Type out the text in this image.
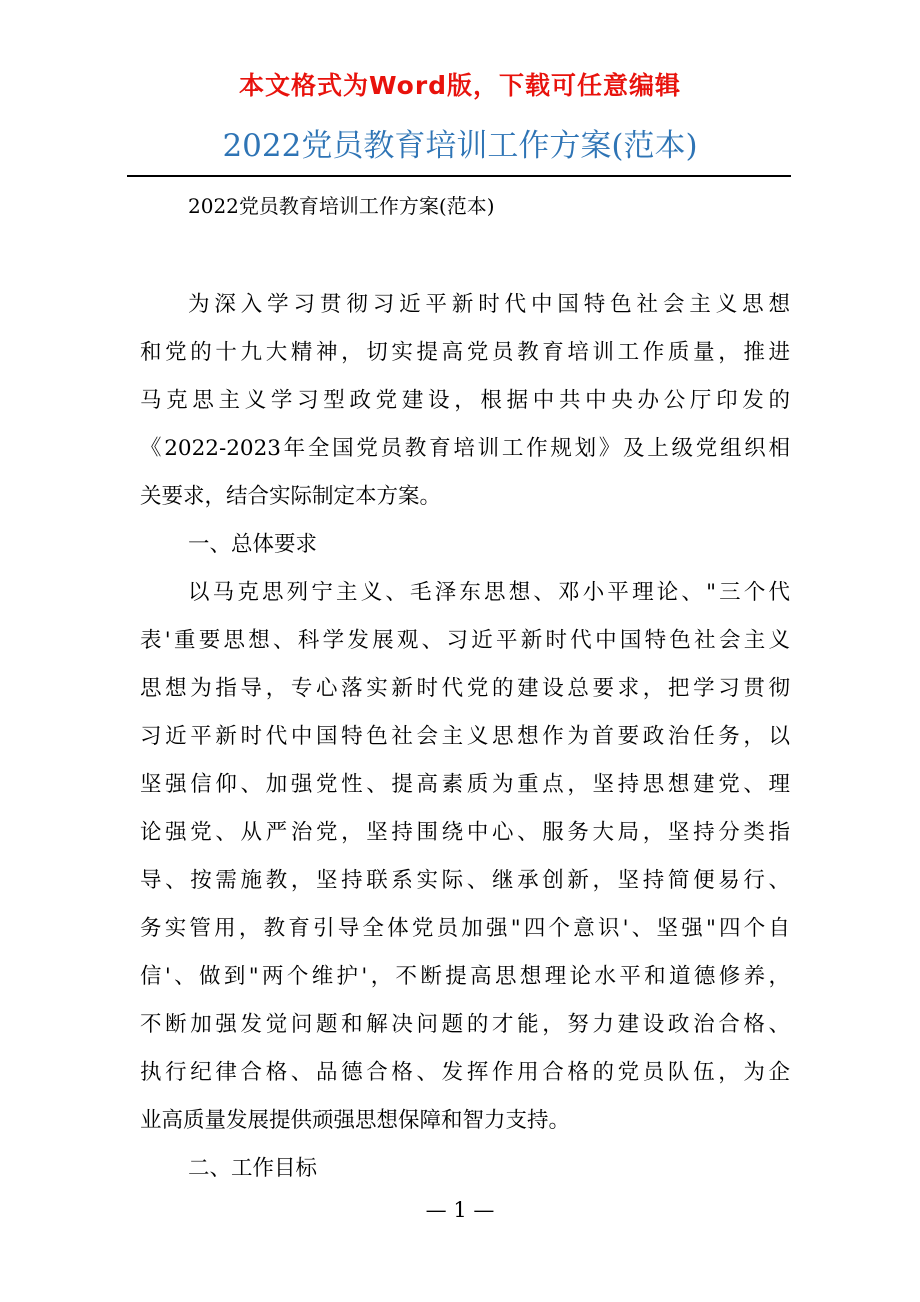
本文格式为Word版，下载可任意编辑
2022党员教育培训工作方案(范本)
2022党员教育培训工作方案(范本)
为深入学习贯彻习近平新时代中国特色社会主义思想
和党的十九大精神，切实提高党员教育培训工作质量，推进
马克思主义学习型政党建设，根据中共中央办公厅印发的
《2022-2023年全国党员教育培训工作规划》及上级党组织相
关要求，结合实际制定本方案。
一、总体要求
以马克思列宁主义、毛泽东思想、邓小平理论、"三个代
表'重要思想、科学发展观、习近平新时代中国特色社会主义
思想为指导，专心落实新时代党的建设总要求，把学习贯彻
习近平新时代中国特色社会主义思想作为首要政治任务，以
坚强信仰、加强党性、提高素质为重点，坚持思想建党、理
论强党、从严治党，坚持围绕中心、服务大局，坚持分类指
导、按需施教，坚持联系实际、继承创新，坚持简便易行、
务实管用，教育引导全体党员加强"四个意识'、坚强"四个自
信'、做到"两个维护'，不断提高思想理论水平和道德修养，
不断加强发觉问题和解决问题的才能，努力建设政治合格、
执行纪律合格、品德合格、发挥作用合格的党员队伍，为企
业高质量发展提供顽强思想保障和智力支持。
二、工作目标
— 1 —
